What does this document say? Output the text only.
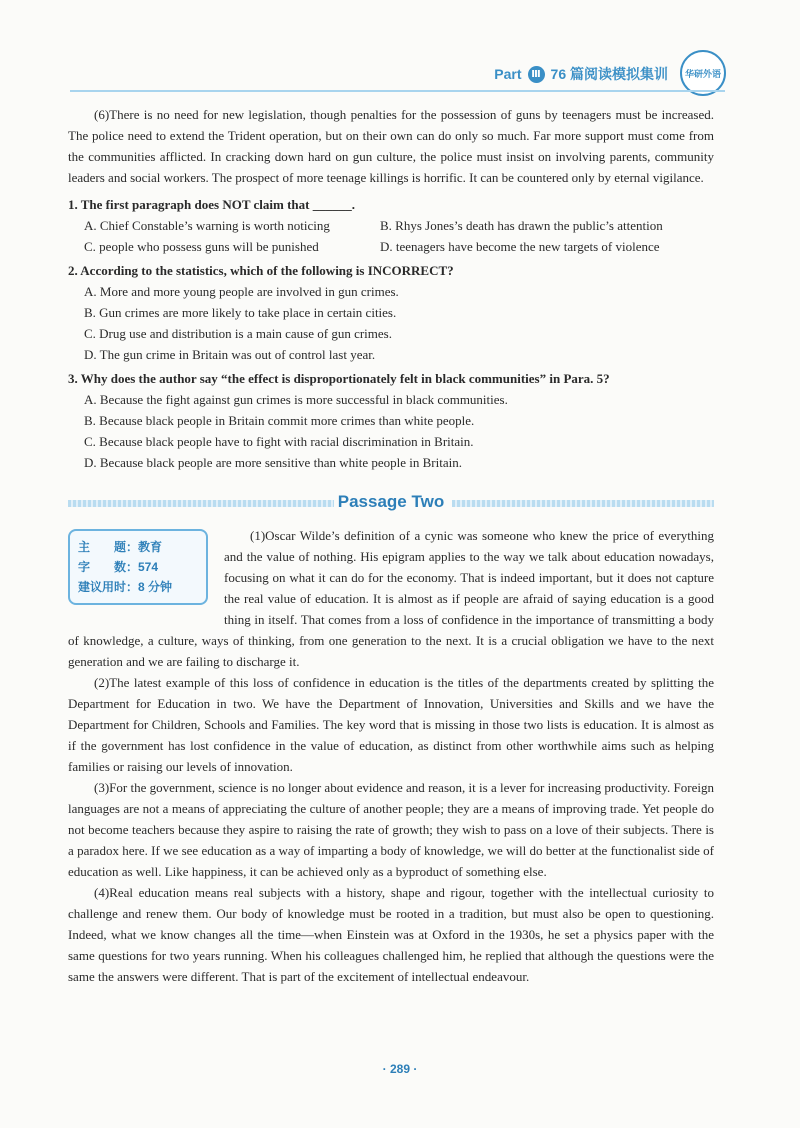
Part Ⅲ 76 篇阅读模拟集训	华研外语

(6)There is no need for new legislation, though penalties for the possession of guns by teenagers must be increased. The police need to extend the Trident operation, but on their own can do only so much. Far more support must come from the communities afflicted. In cracking down hard on gun culture, the police must insist on involving parents, community leaders and social workers. The prospect of more teenage killings is horrific. It can be countered only by eternal vigilance.

1. The first paragraph does NOT claim that ______.

A. Chief Constable’s warning is worth noticing	B. Rhys Jones’s death has drawn the public’s attention
C. people who possess guns will be punished	D. teenagers have become the new targets of violence

2. According to the statistics, which of the following is INCORRECT?

A. More and more young people are involved in gun crimes.
B. Gun crimes are more likely to take place in certain cities.
C. Drug use and distribution is a main cause of gun crimes.
D. The gun crime in Britain was out of control last year.

3. Why does the author say “the effect is disproportionately felt in black communities” in Para. 5?

A. Because the fight against gun crimes is more successful in black communities.
B. Because black people in Britain commit more crimes than white people.
C. Because black people have to fight with racial discrimination in Britain.
D. Because black people are more sensitive than white people in Britain.
Passage Two
主　　题：教育
字　　数：574
建议用时：8 分钟

(1)Oscar Wilde’s definition of a cynic was someone who knew the price of everything and the value of nothing. His epigram applies to the way we talk about education nowadays, focusing on what it can do for the economy. That is indeed important, but it does not capture the real value of education. It is almost as if people are afraid of saying education is a good thing in itself. That comes from a loss of confidence in the importance of transmitting a body of knowledge, a culture, ways of thinking, from one generation to the next. It is a crucial obligation we have to the next generation and we are failing to discharge it.

(2)The latest example of this loss of confidence in education is the titles of the departments created by splitting the Department for Education in two. We have the Department of Innovation, Universities and Skills and we have the Department for Children, Schools and Families. The key word that is missing in those two lists is education. It is almost as if the government has lost confidence in the value of education, as distinct from other worthwhile aims such as helping families or raising our levels of innovation.

(3)For the government, science is no longer about evidence and reason, it is a lever for increasing productivity. Foreign languages are not a means of appreciating the culture of another people; they are a means of improving trade. Yet people do not become teachers because they aspire to raising the rate of growth; they wish to pass on a love of their subjects. There is a paradox here. If we see education as a way of imparting a body of knowledge, we will do better at the functionalist side of education as well. Like happiness, it can be achieved only as a byproduct of something else.

(4)Real education means real subjects with a history, shape and rigour, together with the intellectual curiosity to challenge and renew them. Our body of knowledge must be rooted in a tradition, but must also be open to questioning. Indeed, what we know changes all the time—when Einstein was at Oxford in the 1930s, he set a physics paper with the same questions for two years running. When his colleagues challenged him, he replied that although the questions were the same the answers were different. That is part of the excitement of intellectual endeavour.

· 289 ·
